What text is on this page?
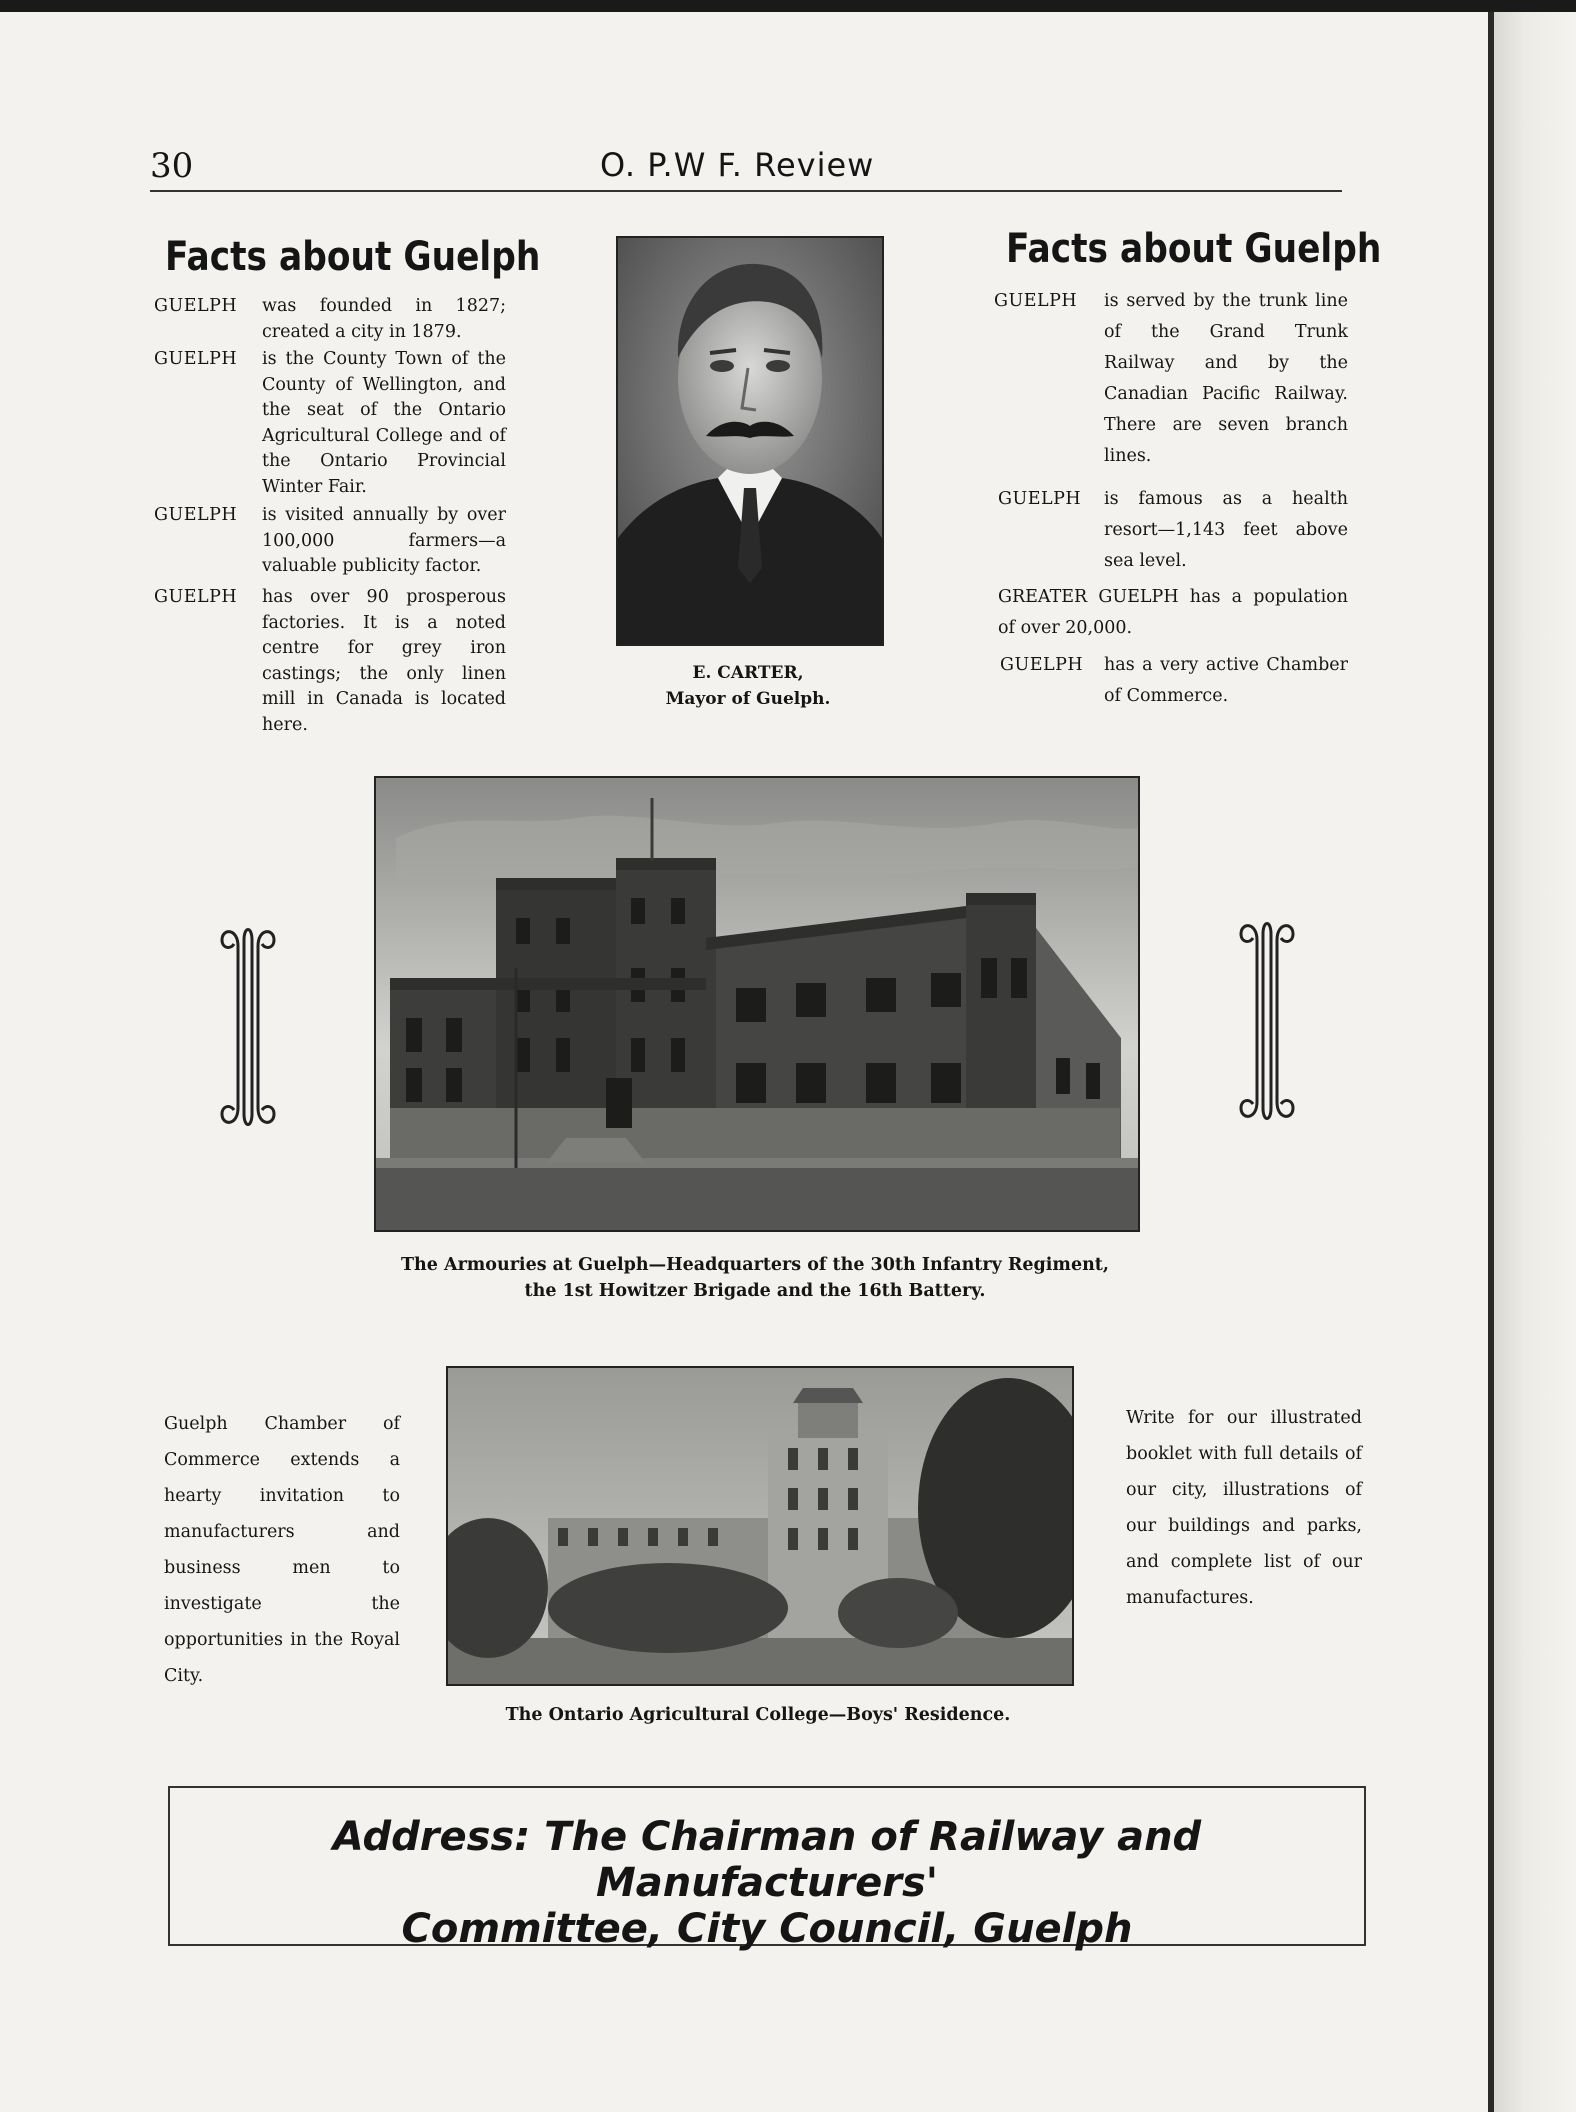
30	O. P.W F. Review
Facts about Guelph
GUELPH was founded in 1827; created a city in 1879.
GUELPH is the County Town of the County of Wellington, and the seat of the Ontario Agricultural College and of the Ontario Provincial Winter Fair.
GUELPH is visited annually by over 100,000 farmers—a valuable publicity factor.
GUELPH has over 90 prosperous factories. It is a noted centre for grey iron castings; the only linen mill in Canada is located here.
E. CARTER,
Mayor of Guelph.
Facts about Guelph
GUELPH is served by the trunk line of the Grand Trunk Railway and by the Canadian Pacific Railway. There are seven branch lines.
GUELPH is famous as a health resort—1,143 feet above sea level.
GREATER GUELPH has a population of over 20,000.
GUELPH has a very active Chamber of Commerce.
The Armouries at Guelph—Headquarters of the 30th Infantry Regiment,
the 1st Howitzer Brigade and the 16th Battery.
The Ontario Agricultural College—Boys' Residence.
Guelph Chamber of Commerce extends a hearty invitation to manufacturers and business men to investigate the opportunities in the Royal City.
Write for our illustrated booklet with full details of our city, illustrations of our buildings and parks, and complete list of our manufactures.
Address: The Chairman of Railway and Manufacturers'
Committee, City Council, Guelph
